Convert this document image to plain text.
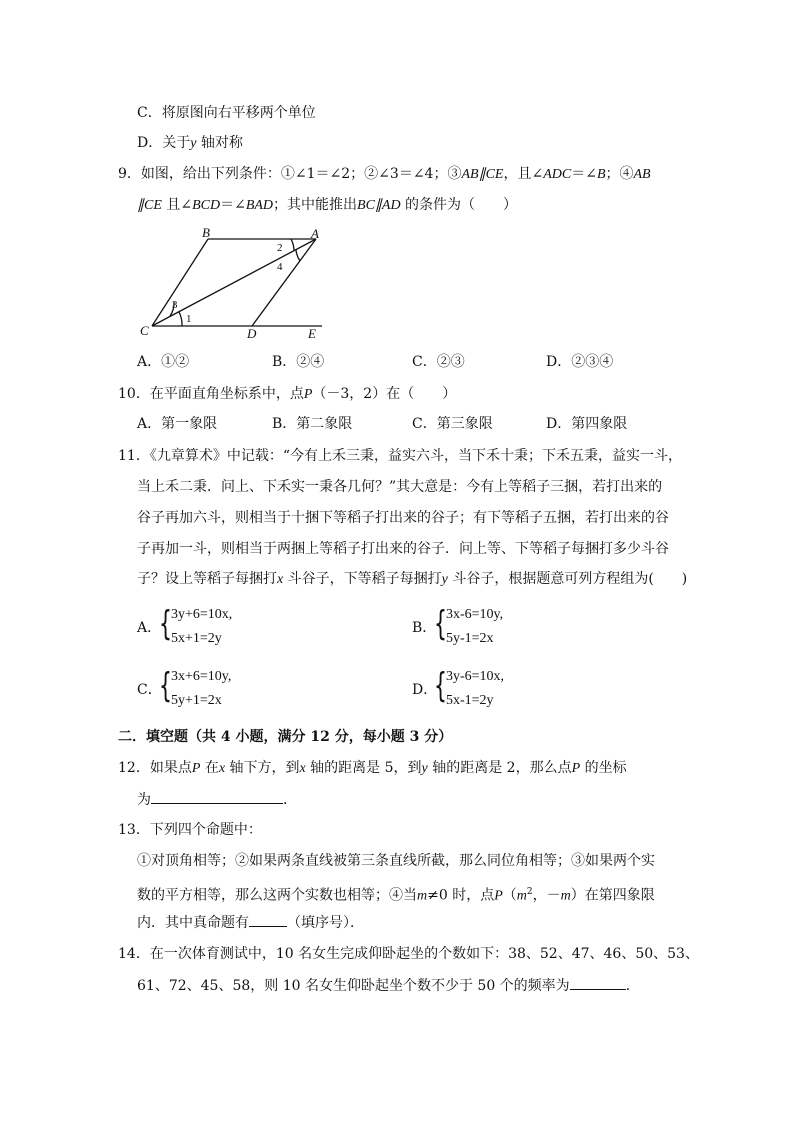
C．将原图向右平移两个单位
D．关于y 轴对称
9．如图，给出下列条件：①∠1＝∠2；②∠3＝∠4；③AB∥CE，且∠ADC＝∠B；④AB
∥CE 且∠BCD＝∠BAD；其中能推出BC∥AD 的条件为（　　）
B	A
C	D	E
2
4
3
1
A．①②	B．②④	C．②③	D．②③④
10．在平面直角坐标系中，点P（－3，2）在（　　）
A．第一象限	B．第二象限	C．第三象限	D．第四象限
11．《九章算术》中记载：“今有上禾三秉，益实六斗，当下禾十秉；下禾五秉，益实一斗，
当上禾二秉．问上、下禾实一秉各几何？”其大意是：今有上等稻子三捆，若打出来的
谷子再加六斗，则相当于十捆下等稻子打出来的谷子；有下等稻子五捆，若打出来的谷
子再加一斗，则相当于两捆上等稻子打出来的谷子．问上等、下等稻子每捆打多少斗谷
子？设上等稻子每捆打x 斗谷子，下等稻子每捆打y 斗谷子，根据题意可列方程组为(　　)
A．
{ 3y+6=10x,
5x+1=2y
B．
{ 3x-6=10y,
5y-1=2x
C．
{ 3x+6=10y,
5y+1=2x
D．
{ 3y-6=10x,
5x-1=2y
二．填空题（共 4 小题，满分 12 分，每小题 3 分）
12．如果点P 在x 轴下方，到x 轴的距离是 5，到y 轴的距离是 2，那么点P 的坐标
为	．
13．下列四个命题中：
①对顶角相等；②如果两条直线被第三条直线所截，那么同位角相等；③如果两个实
数的平方相等，那么这两个实数也相等；④当m≠0 时，点$P(m^2$，－m）在第四象限
内．其中真命题有	（填序号）．
14．在一次体育测试中，10 名女生完成仰卧起坐的个数如下：38、52、47、46、50、53、
61、72、45、58，则 10 名女生仰卧起坐个数不少于 50 个的频率为	．
